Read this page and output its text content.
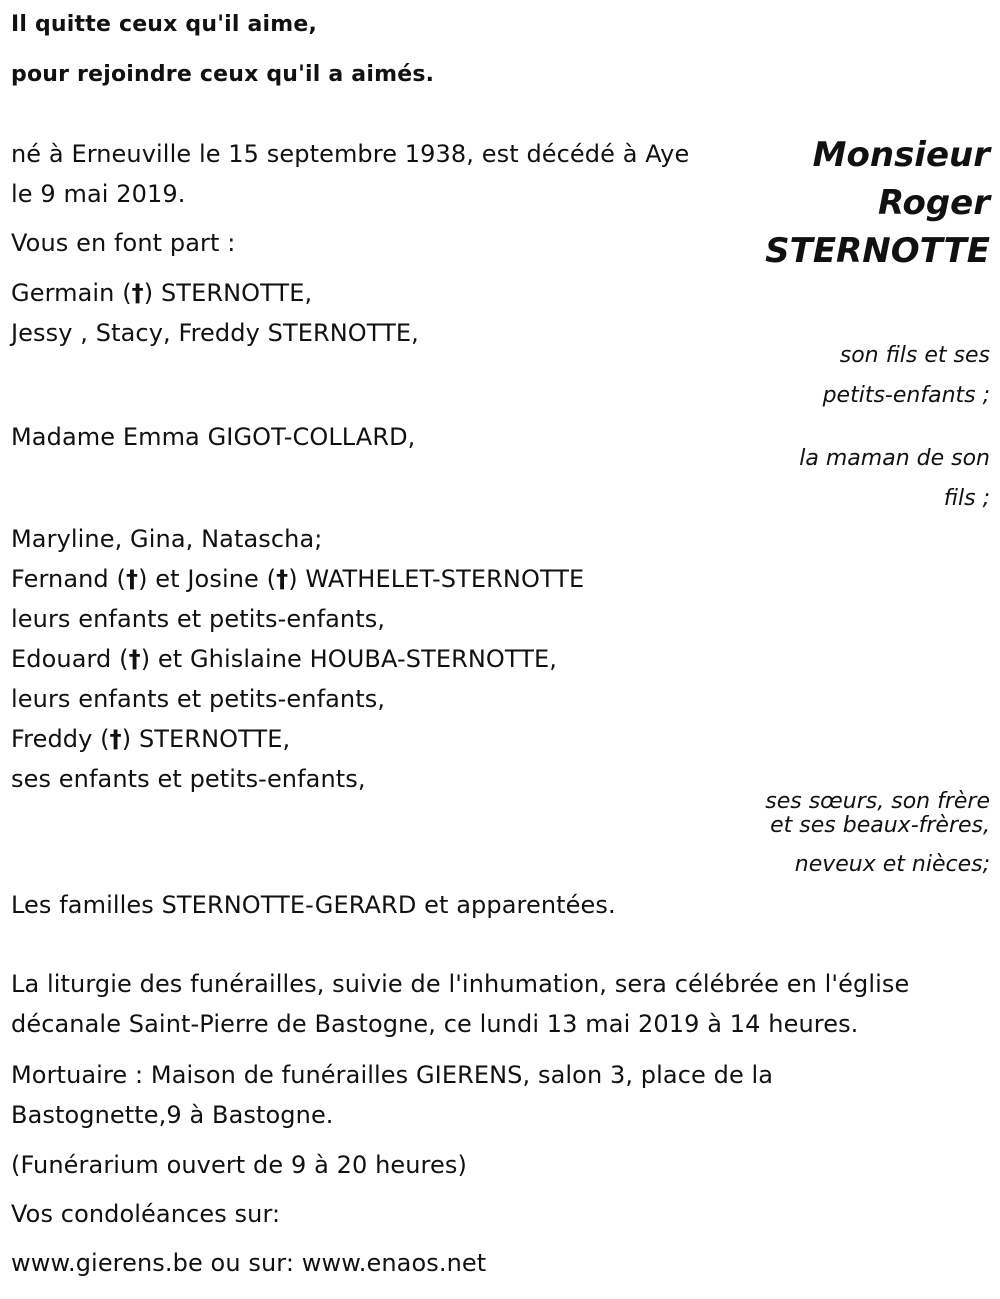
Il quitte ceux qu'il aime,
pour rejoindre ceux qu'il a aimés.
Monsieur
Roger
STERNOTTE
né à Erneuville le 15 septembre 1938, est décédé à Aye
le 9 mai 2019.
Vous en font part :
Germain (†) STERNOTTE,
Jessy , Stacy, Freddy STERNOTTE,
son fils et ses
petits-enfants ;
Madame Emma GIGOT-COLLARD,
la maman de son
fils ;
Maryline, Gina, Natascha;
Fernand (†) et Josine (†) WATHELET-STERNOTTE
leurs enfants et petits-enfants,
Edouard (†) et Ghislaine HOUBA-STERNOTTE,
leurs enfants et petits-enfants,
Freddy (†) STERNOTTE,
ses enfants et petits-enfants,
ses sœurs, son frère
et ses beaux-frères,
neveux et nièces;
Les familles STERNOTTE-GERARD et apparentées.
La liturgie des funérailles, suivie de l'inhumation, sera célébrée en l'église
décanale Saint-Pierre de Bastogne, ce lundi 13 mai 2019 à 14 heures.
Mortuaire : Maison de funérailles GIERENS, salon 3, place de la
Bastognette,9 à Bastogne.
(Funérarium ouvert de 9 à 20 heures)
Vos condoléances sur:
www.gierens.be ou sur: www.enaos.net
